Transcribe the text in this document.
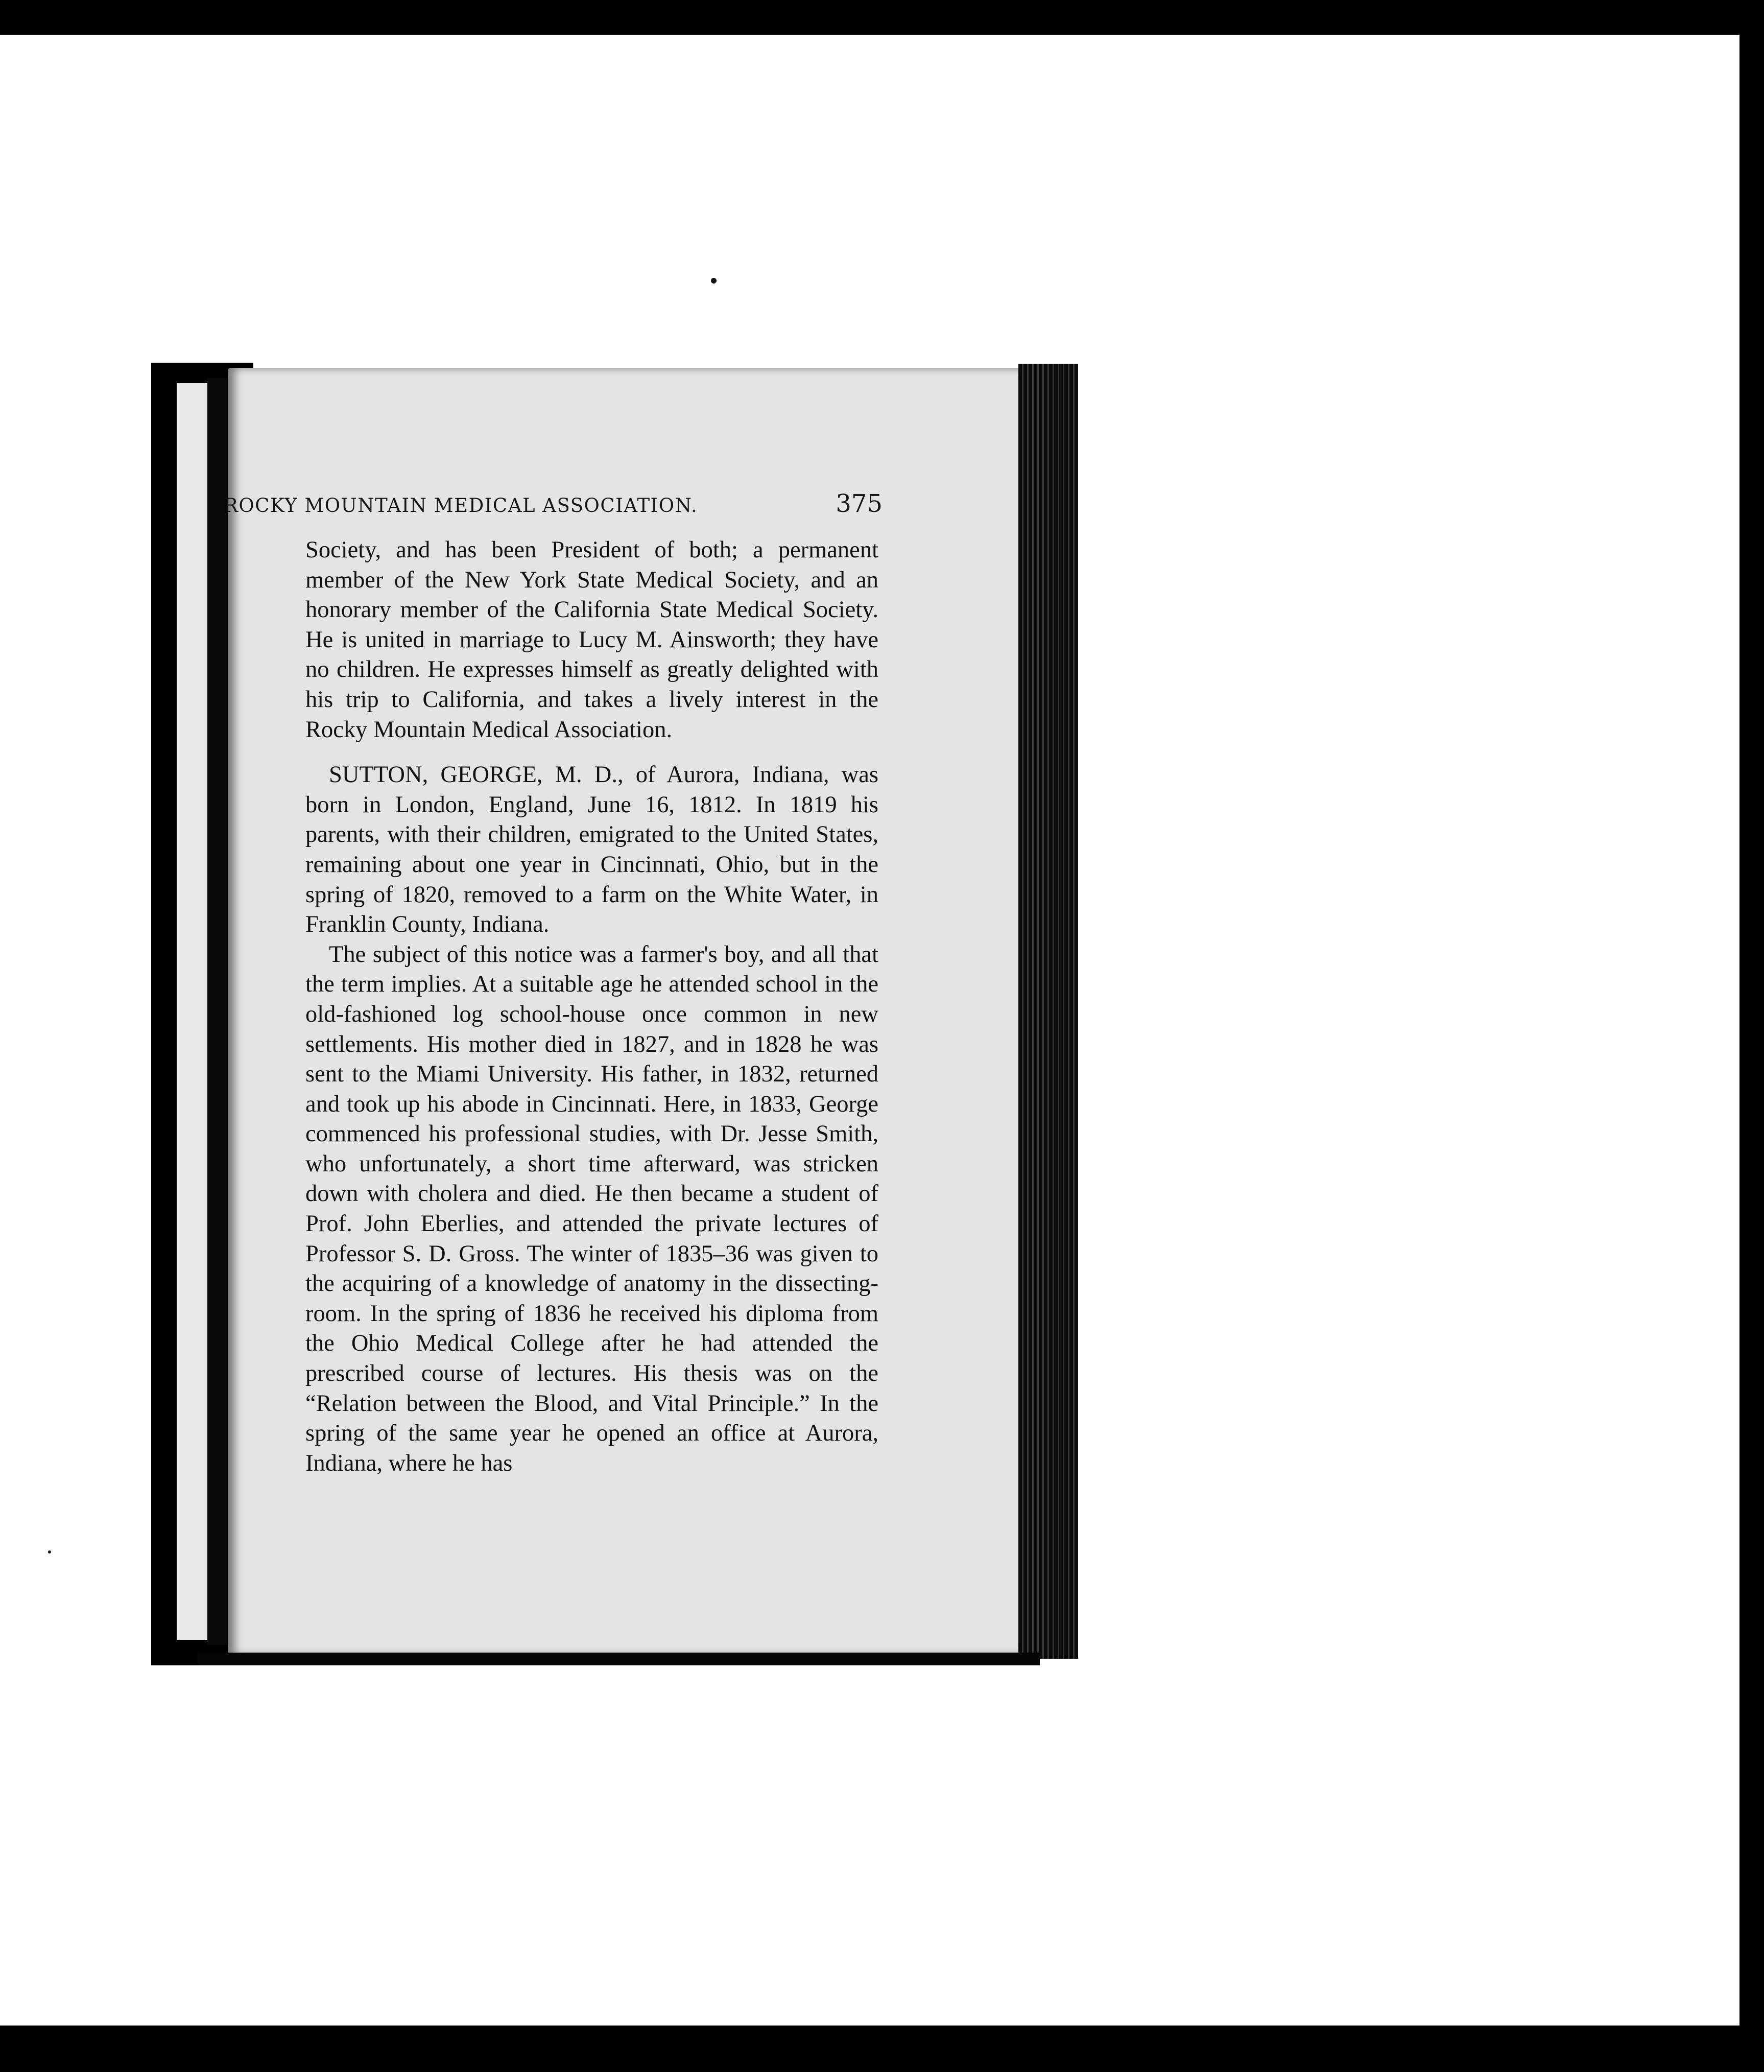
ROCKY MOUNTAIN MEDICAL ASSOCIATION.	375

Society, and has been President of both; a permanent member of the New York State Medical Society, and an honorary member of the California State Medical Society. He is united in marriage to Lucy M. Ainsworth; they have no children. He expresses himself as greatly delighted with his trip to California, and takes a lively interest in the Rocky Mountain Medical Association.

SUTTON, GEORGE, M. D., of Aurora, Indiana, was born in London, England, June 16, 1812. In 1819 his parents, with their children, emigrated to the United States, remaining about one year in Cincinnati, Ohio, but in the spring of 1820, removed to a farm on the White Water, in Franklin County, Indiana.

The subject of this notice was a farmer's boy, and all that the term implies. At a suitable age he attended school in the old-fashioned log school-house once common in new settlements. His mother died in 1827, and in 1828 he was sent to the Miami University. His father, in 1832, returned and took up his abode in Cincinnati. Here, in 1833, George commenced his professional studies, with Dr. Jesse Smith, who unfortunately, a short time afterward, was stricken down with cholera and died. He then became a student of Prof. John Eberlies, and attended the private lectures of Professor S. D. Gross. The winter of 1835–36 was given to the acquiring of a knowledge of anatomy in the dissecting-room. In the spring of 1836 he received his diploma from the Ohio Medical College after he had attended the prescribed course of lectures. His thesis was on the “Relation between the Blood, and Vital Principle.” In the spring of the same year he opened an office at Aurora, Indiana, where he has
